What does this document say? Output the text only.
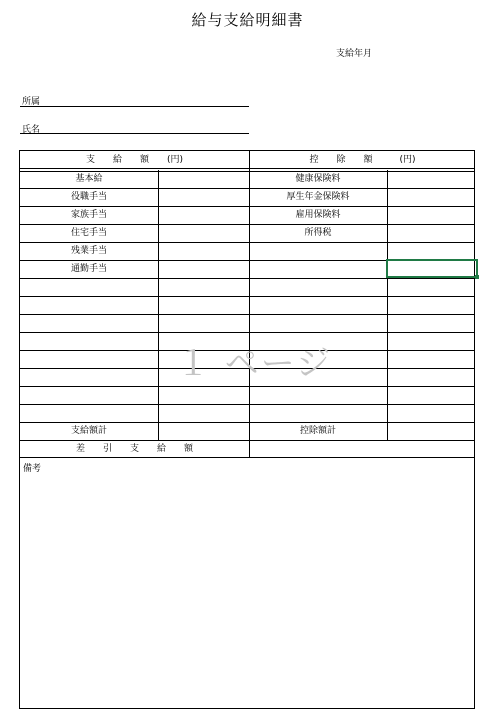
給与支給明細書
支給年月
所属
氏名
支　　給　　額　　(円)	控　　除　　額　　　(円)
基本給
役職手当
家族手当
住宅手当
残業手当
通勤手当
健康保険料
厚生年金保険料
雇用保険料
所得税
支給額計	控除額計
差　　引　　支　　給　　額
備考
１ ページ
